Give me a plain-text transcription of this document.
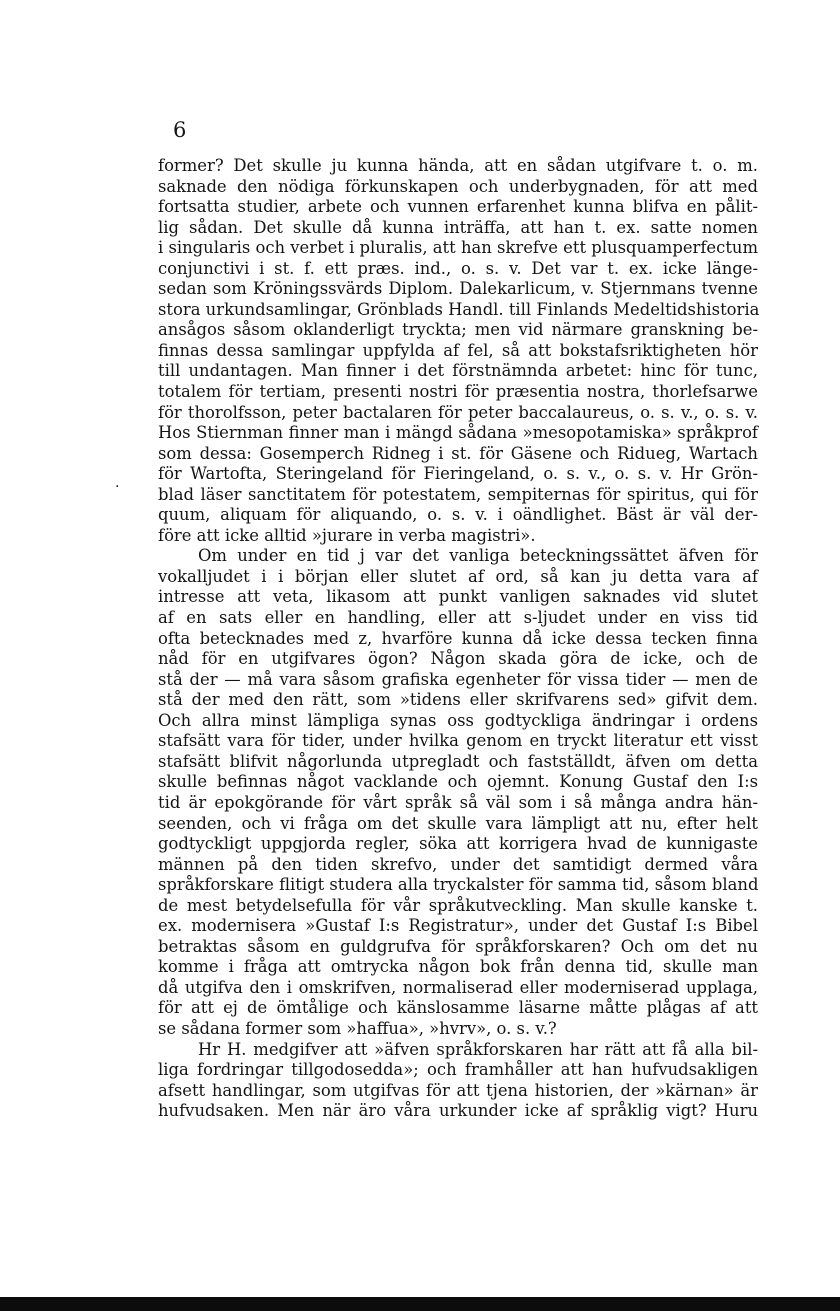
6
.
former? Det skulle ju kunna hända, att en sådan utgifvare t. o. m.
saknade den nödiga förkunskapen och underbygnaden, för att med
fortsatta studier, arbete och vunnen erfarenhet kunna blifva en pålit-
lig sådan. Det skulle då kunna inträffa, att han t. ex. satte nomen
i singularis och verbet i pluralis, att han skrefve ett plusquamperfectum
conjunctivi i st. f. ett præs. ind., o. s. v. Det var t. ex. icke länge-
sedan som Kröningssvärds Diplom. Dalekarlicum, v. Stjernmans tvenne
stora urkundsamlingar, Grönblads Handl. till Finlands Medeltidshistoria
ansågos såsom oklanderligt tryckta; men vid närmare granskning be-
finnas dessa samlingar uppfylda af fel, så att bokstafsriktigheten hör
till undantagen. Man finner i det förstnämnda arbetet: hinc för tunc,
totalem för tertiam, presenti nostri för præsentia nostra, thorlefsarwe
för thorolfsson, peter bactalaren för peter baccalaureus, o. s. v., o. s. v.
Hos Stiernman finner man i mängd sådana »mesopotamiska» språkprof
som dessa: Gosemperch Ridneg i st. för Gäsene och Ridueg, Wartach
för Wartofta, Steringeland för Fieringeland, o. s. v., o. s. v. Hr Grön-
blad läser sanctitatem för potestatem, sempiternas för spiritus, qui för
quum, aliquam för aliquando, o. s. v. i oändlighet. Bäst är väl der-
före att icke alltid »jurare in verba magistri».
Om under en tid j var det vanliga beteckningssättet äfven för
vokalljudet i i början eller slutet af ord, så kan ju detta vara af
intresse att veta, likasom att punkt vanligen saknades vid slutet
af en sats eller en handling, eller att s-ljudet under en viss tid
ofta betecknades med z, hvarföre kunna då icke dessa tecken finna
nåd för en utgifvares ögon? Någon skada göra de icke, och de
stå der — må vara såsom grafiska egenheter för vissa tider — men de
stå der med den rätt, som »tidens eller skrifvarens sed» gifvit dem.
Och allra minst lämpliga synas oss godtyckliga ändringar i ordens
stafsätt vara för tider, under hvilka genom en tryckt literatur ett visst
stafsätt blifvit någorlunda utpregladt och fastställdt, äfven om detta
skulle befinnas något vacklande och ojemnt. Konung Gustaf den I:s
tid är epokgörande för vårt språk så väl som i så många andra hän-
seenden, och vi fråga om det skulle vara lämpligt att nu, efter helt
godtyckligt uppgjorda regler, söka att korrigera hvad de kunnigaste
männen på den tiden skrefvo, under det samtidigt dermed våra
språkforskare flitigt studera alla tryckalster för samma tid, såsom bland
de mest betydelsefulla för vår språkutveckling. Man skulle kanske t.
ex. modernisera »Gustaf I:s Registratur», under det Gustaf I:s Bibel
betraktas såsom en guldgrufva för språkforskaren? Och om det nu
komme i fråga att omtrycka någon bok från denna tid, skulle man
då utgifva den i omskrifven, normaliserad eller moderniserad upplaga,
för att ej de ömtålige och känslosamme läsarne måtte plågas af att
se sådana former som »haffua», »hvrv», o. s. v.?
Hr H. medgifver att »äfven språkforskaren har rätt att få alla bil-
liga fordringar tillgodosedda»; och framhåller att han hufvudsakligen
afsett handlingar, som utgifvas för att tjena historien, der »kärnan» är
hufvudsaken. Men när äro våra urkunder icke af språklig vigt? Huru
